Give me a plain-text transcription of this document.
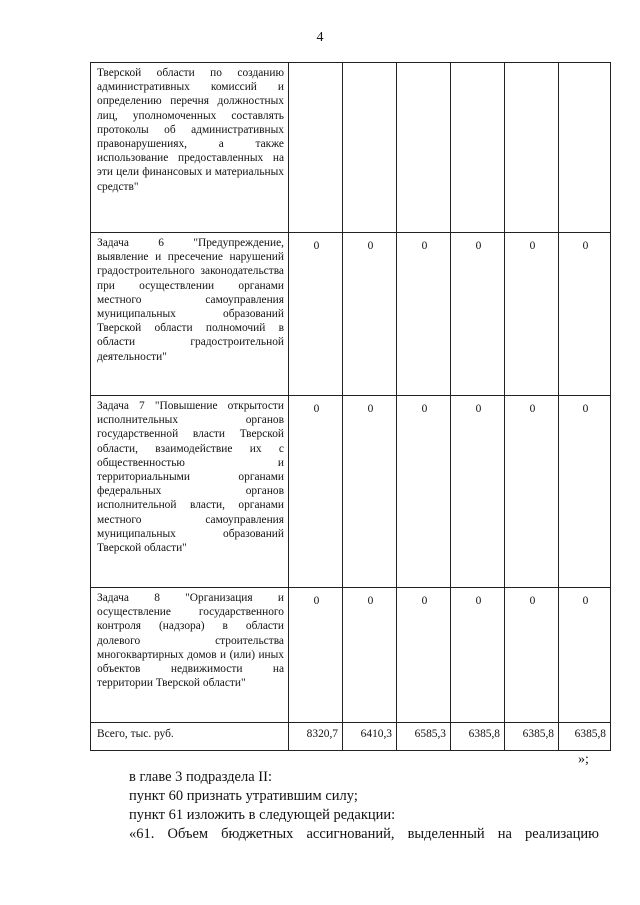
4
Тверской области по созданию административных комиссий и определению перечня должностных лиц, уполномоченных составлять протоколы об административных правонарушениях, а также использование предоставленных на эти цели финансовых и материальных средств"						
Задача 6 "Предупреждение, выявление и пресечение нарушений градостроительного законодательства при осуществлении органами местного самоуправления муниципальных образований Тверской области полномочий в области градостроительной деятельности"	0	0	0	0	0	0
Задача 7 "Повышение открытости исполнительных органов государственной власти Тверской области, взаимодействие их с общественностью и территориальными органами федеральных органов исполнительной власти, органами местного самоуправления муниципальных образований Тверской области"	0	0	0	0	0	0
Задача 8 "Организация и осуществление государственного контроля (надзора) в области долевого строительства многоквартирных домов и (или) иных объектов недвижимости на территории Тверской области"	0	0	0	0	0	0
Всего, тыс. руб.	8320,7	6410,3	6585,3	6385,8	6385,8	6385,8
»;
в главе 3 подраздела II:
пункт 60 признать утратившим силу;
пункт 61 изложить в следующей редакции:
«61. Объем бюджетных ассигнований, выделенный на реализацию
